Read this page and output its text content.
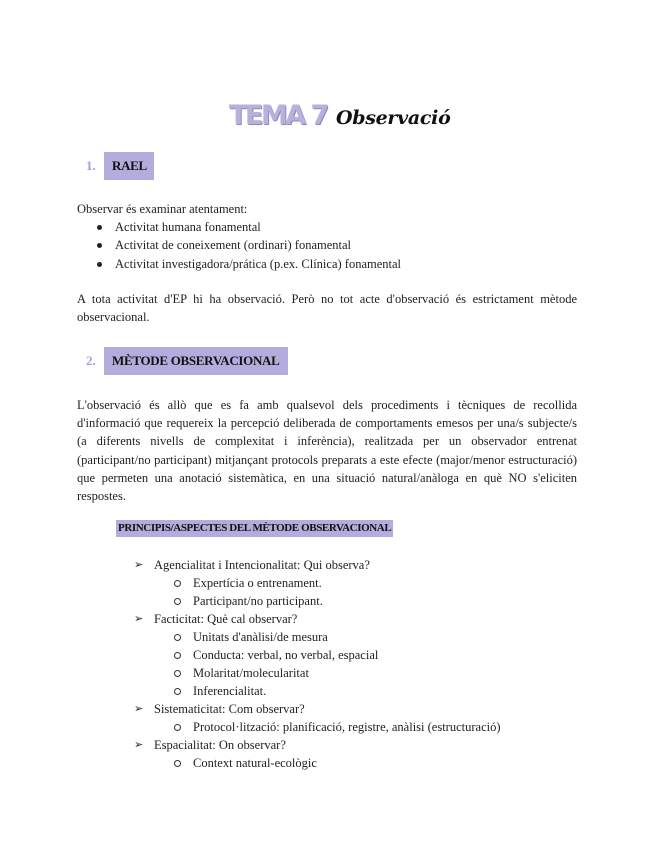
TEMA 7 Observació
1.	RAEL
Observar és examinar atentament:
Activitat humana fonamental
Activitat de coneixement (ordinari) fonamental
Activitat investigadora/prática (p.ex. Clínica) fonamental
A tota activitat d'EP hi ha observació. Però no tot acte d'observació és estrictament mètode observacional.
2.	MÈTODE OBSERVACIONAL
L'observació és allò que es fa amb qualsevol dels procediments i tècniques de recollida d'informació que requereix la percepció deliberada de comportaments emesos per una/s subjecte/s (a diferents nivells de complexitat i inferència), realitzada per un observador entrenat (participant/no participant) mitjançant protocols preparats a este efecte (major/menor estructuració) que permeten una anotació sistemàtica, en una situació natural/anàloga en què NO s'eliciten respostes.
PRINCIPIS/ASPECTES DEL MÈTODE OBSERVACIONAL
➢ Agencialitat i Intencionalitat: Qui observa?
Expertícia o entrenament.
Participant/no participant.
➢ Facticitat: Què cal observar?
Unitats d'anàlisi/de mesura
Conducta: verbal, no verbal, espacial
Molaritat/molecularitat
Inferencialitat.
➢ Sistematicitat: Com observar?
Protocol·lització: planificació, registre, anàlisi (estructuració)
➢ Espacialitat: On observar?
Context natural-ecològic
